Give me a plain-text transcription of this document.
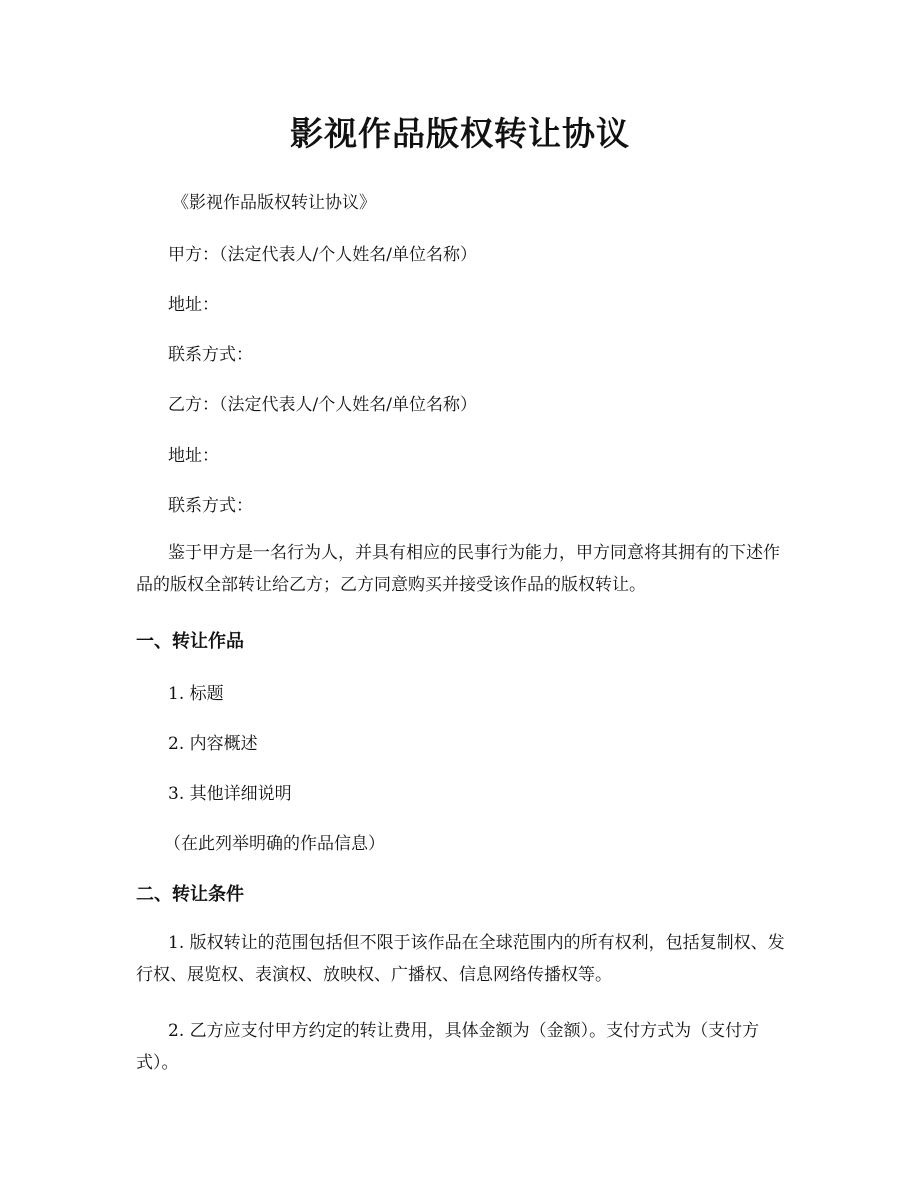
影视作品版权转让协议
《影视作品版权转让协议》
甲方：（法定代表人/个人姓名/单位名称）
地址：
联系方式：
乙方：（法定代表人/个人姓名/单位名称）
地址：
联系方式：
鉴于甲方是一名行为人，并具有相应的民事行为能力，甲方同意将其拥有的下述作品的版权全部转让给乙方；乙方同意购买并接受该作品的版权转让。
一、转让作品
1. 标题
2. 内容概述
3. 其他详细说明
（在此列举明确的作品信息）
二、转让条件
1. 版权转让的范围包括但不限于该作品在全球范围内的所有权利，包括复制权、发行权、展览权、表演权、放映权、广播权、信息网络传播权等。
2. 乙方应支付甲方约定的转让费用，具体金额为（金额）。支付方式为（支付方式）。
